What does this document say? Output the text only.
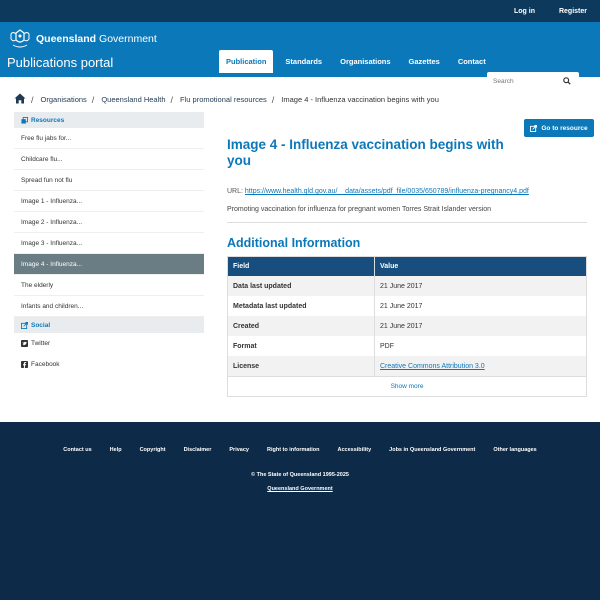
Log in	Register
Queensland Government
Publications portal	Publication	Standards	Organisations	Gazettes	Contact
Search
/ Organisations / Queensland Health / Flu promotional resources / Image 4 - Influenza vaccination begins with you
Resources
Free flu jabs for...
Childcare flu...
Spread fun not flu
Image 1 - Influenza...
Image 2 - Influenza...
Image 3 - Influenza...
Image 4 - Influenza...
The elderly
Infants and children...
Social
Twitter
Facebook
Go to resource
Image 4 - Influenza vaccination begins with you
URL: https://www.health.qld.gov.au/__data/assets/pdf_file/0035/650789/influenza-pregnancy4.pdf

Promoting vaccination for influenza for pregnant women Torres Strait Islander version

Additional Information
Field	Value
Data last updated	21 June 2017
Metadata last updated	21 June 2017
Created	21 June 2017
Format	PDF
License	Creative Commons Attribution 3.0
Show more
Contact us	Help	Copyright	Disclaimer	Privacy	Right to information	Accessibility	Jobs in Queensland Government	Other languages
© The State of Queensland 1995-2025
Queensland Government
